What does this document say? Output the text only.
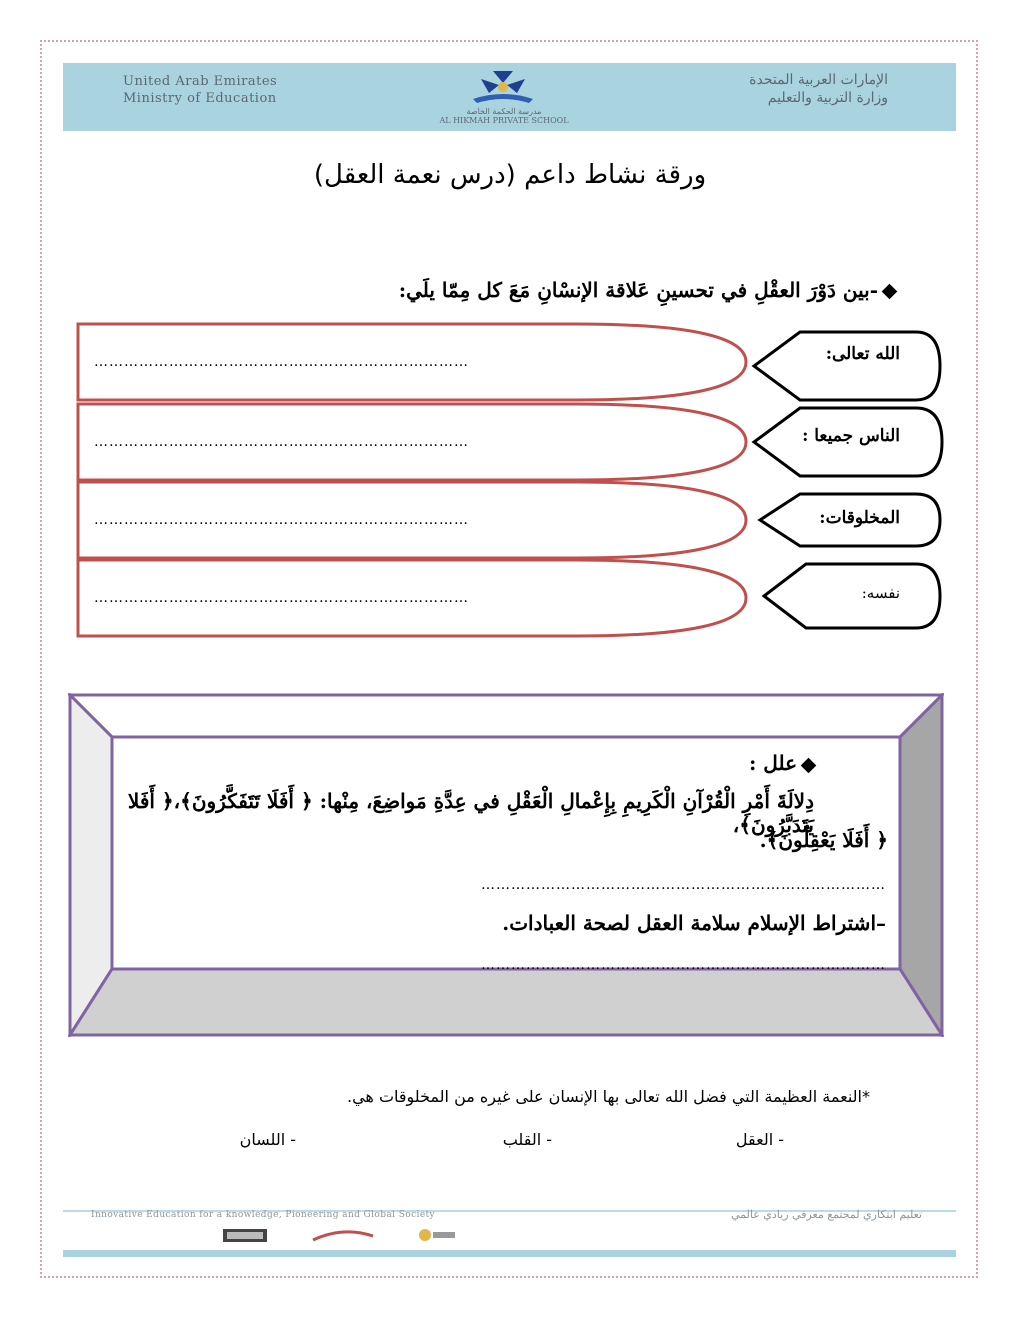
United Arab Emirates
Ministry of Education
مدرسة الحكمة الخاصة
AL HIKMAH PRIVATE SCHOOL
الإمارات العربية المتحدة
وزارة التربية والتعليم
ورقة نشاط داعم (درس نعمة العقل)
-بين دَوْرَ العقْلِ في تحسينِ عَلاقة الإنسْانِ مَعَ كل مِمّا يلَي:
…………………………………………………………………	الله تعالى:
…………………………………………………………………	الناس جميعا :
…………………………………………………………………	المخلوقات:
…………………………………………………………………	نفسه:
علل :
دِلالَةَ أَمْرِ الْقُرْآنِ الْكَرِيمِ بِإِعْمالِ الْعَقْلِ في عِدَّةِ مَواضِعَ، مِنْها: ﴿ أَفَلَا تَتَفَكَّرُونَ﴾،﴿ أَفَلا يَتَدَبَّرُونَ﴾،
﴿ أَفَلَا يَعْقِلُونَ﴾.
………………………………………………………………………
–اشتراط الإسلام سلامة العقل لصحة العبادات.
………………………………………………………………………
*النعمة العظيمة التي فضل الله تعالى بها الإنسان على غيره من المخلوقات هي.
- العقل
- القلب
- اللسان
Innovative Education for a knowledge, Pioneering and Global Society	تعليم ابتكاري لمجتمع معرفي ريادي عالمي
